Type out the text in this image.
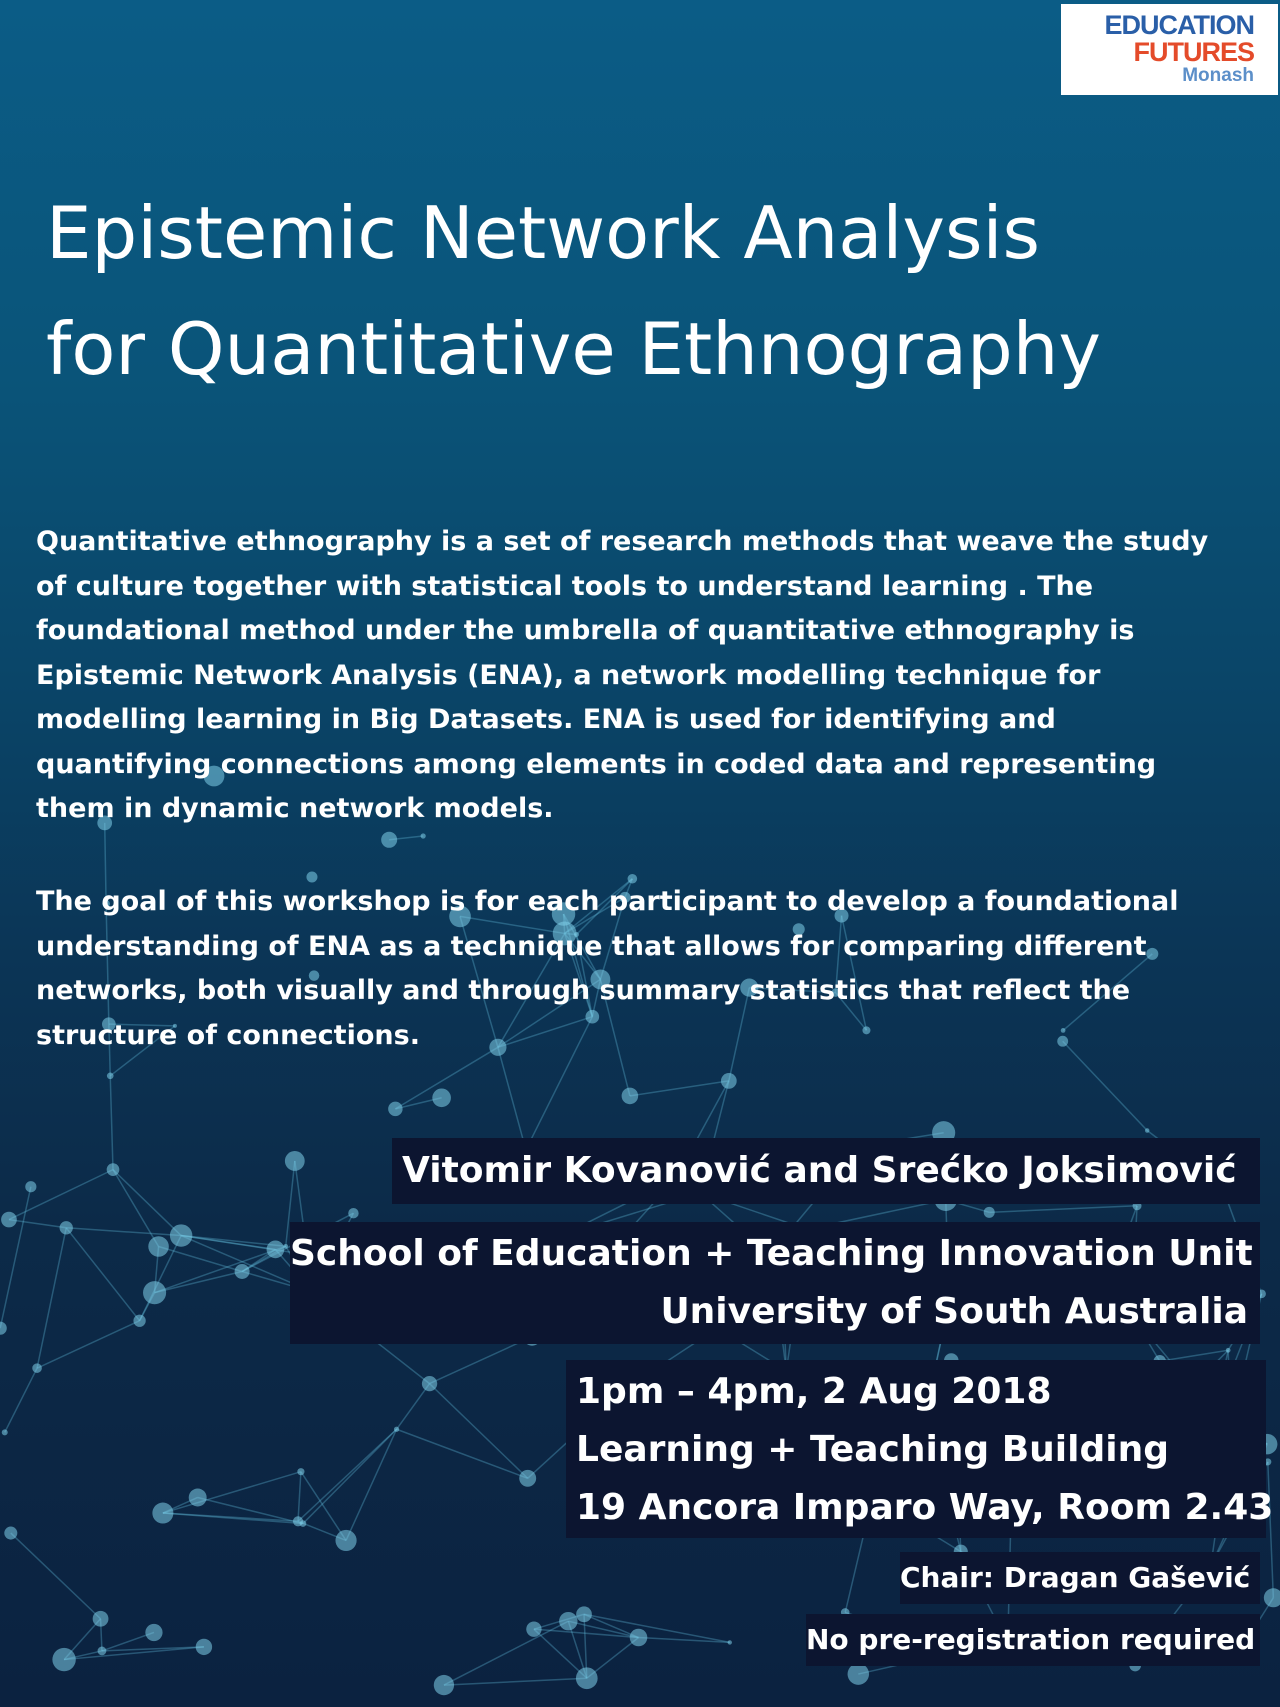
EDUCATION
FUTURES
Monash
Epistemic Network Analysis
for Quantitative Ethnography
Quantitative ethnography is a set of research methods that weave the study
of culture together with statistical tools to understand learning . The
foundational method under the umbrella of quantitative ethnography is
Epistemic Network Analysis (ENA), a network modelling technique for
modelling learning in Big Datasets. ENA is used for identifying and
quantifying connections among elements in coded data and representing
them in dynamic network models.
The goal of this workshop is for each participant to develop a foundational
understanding of ENA as a technique that allows for comparing different
networks, both visually and through summary statistics that reflect the
structure of connections.
Vitomir Kovanović and Srećko Joksimović
School of Education + Teaching Innovation Unit
University of South Australia
1pm – 4pm, 2 Aug 2018
Learning + Teaching Building
19 Ancora Imparo Way, Room 2.43
Chair: Dragan Gašević
No pre-registration required
